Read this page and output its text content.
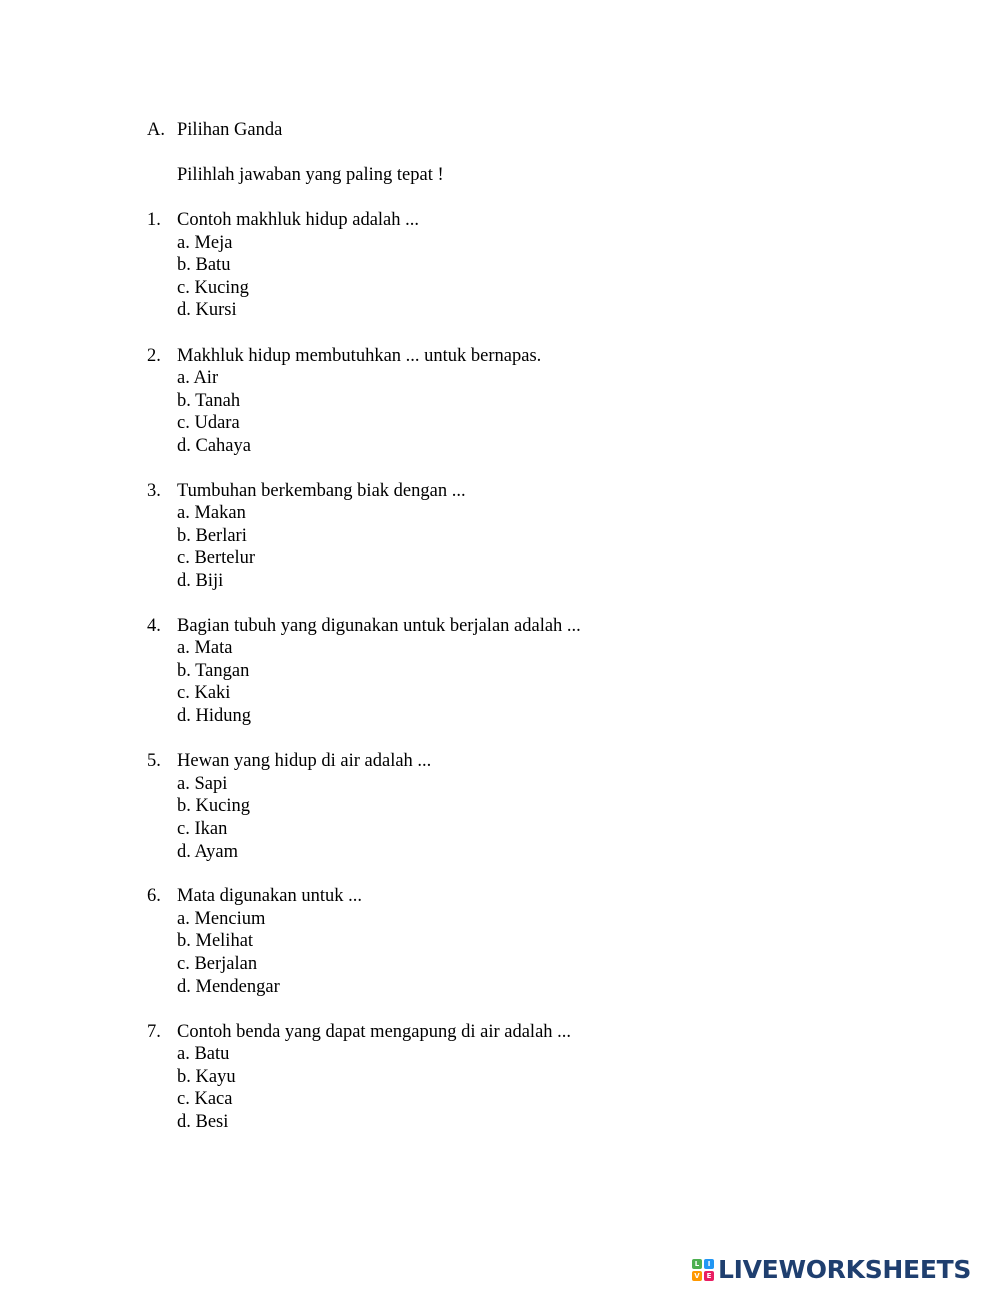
A. Pilihan Ganda
Pilihlah jawaban yang paling tepat !
1. Contoh makhluk hidup adalah ...
a. Meja
b. Batu
c. Kucing
d. Kursi
2. Makhluk hidup membutuhkan ... untuk bernapas.
a. Air
b. Tanah
c. Udara
d. Cahaya
3. Tumbuhan berkembang biak dengan ...
a. Makan
b. Berlari
c. Bertelur
d. Biji
4. Bagian tubuh yang digunakan untuk berjalan adalah ...
a. Mata
b. Tangan
c. Kaki
d. Hidung
5. Hewan yang hidup di air adalah ...
a. Sapi
b. Kucing
c. Ikan
d. Ayam
6. Mata digunakan untuk ...
a. Mencium
b. Melihat
c. Berjalan
d. Mendengar
7. Contoh benda yang dapat mengapung di air adalah ...
a. Batu
b. Kayu
c. Kaca
d. Besi
L	I
V E LIVEWORKSHEETS
